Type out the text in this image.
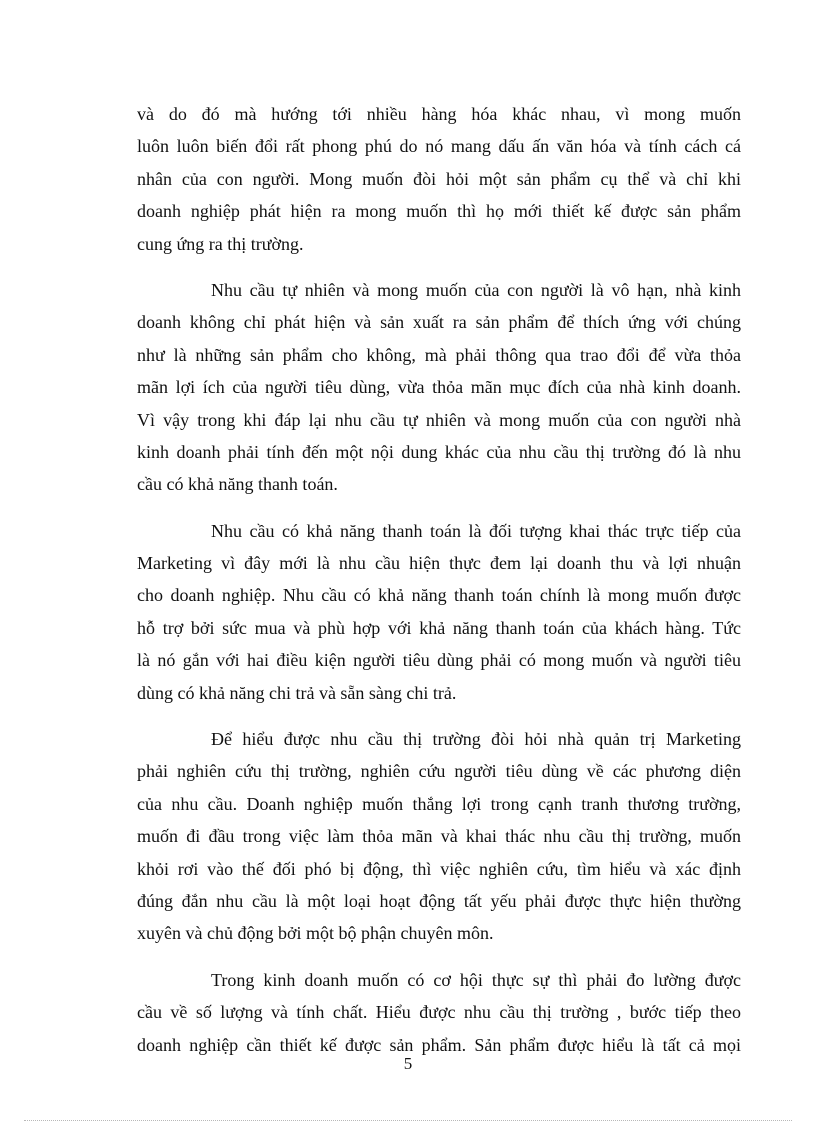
và do đó mà hướng tới nhiều hàng hóa khác nhau, vì mong muốn
luôn luôn biến đổi rất phong phú do nó mang dấu ấn văn hóa và tính cách cá
nhân của con người. Mong muốn đòi hỏi một sản phẩm cụ thể và chỉ khi
doanh nghiệp phát hiện ra mong muốn thì họ mới thiết kế được sản phẩm
cung ứng ra thị trường.

Nhu cầu tự nhiên và mong muốn của con người là vô hạn, nhà kinh
doanh không chỉ phát hiện và sản xuất ra sản phẩm để thích ứng với chúng
như là những sản phẩm cho không, mà phải thông qua trao đổi để vừa thỏa
mãn lợi ích của người tiêu dùng, vừa thỏa mãn mục đích của nhà kinh doanh.
Vì vậy trong khi đáp lại nhu cầu tự nhiên và mong muốn của con người nhà
kinh doanh phải tính đến một nội dung khác của nhu cầu thị trường đó là nhu
cầu có khả năng thanh toán.

Nhu cầu có khả năng thanh toán là đối tượng khai thác trực tiếp của
Marketing vì đây mới là nhu cầu hiện thực đem lại doanh thu và lợi nhuận
cho doanh nghiệp. Nhu cầu có khả năng thanh toán chính là mong muốn được
hỗ trợ bởi sức mua và phù hợp với khả năng thanh toán của khách hàng. Tức
là nó gắn với hai điều kiện người tiêu dùng phải có mong muốn và người tiêu
dùng có khả năng chi trả và sẵn sàng chi trả.

Để hiểu được nhu cầu thị trường đòi hỏi nhà quản trị Marketing
phải nghiên cứu thị trường, nghiên cứu người tiêu dùng về các phương diện
của nhu cầu. Doanh nghiệp muốn thắng lợi trong cạnh tranh thương trường,
muốn đi đầu trong việc làm thỏa mãn và khai thác nhu cầu thị trường, muốn
khỏi rơi vào thế đối phó bị động, thì việc nghiên cứu, tìm hiểu và xác định
đúng đắn nhu cầu là một loại hoạt động tất yếu phải được thực hiện thường
xuyên và chủ động bởi một bộ phận chuyên môn.

Trong kinh doanh muốn có cơ hội thực sự thì phải đo lường được
cầu về số lượng và tính chất. Hiểu được nhu cầu thị trường , bước tiếp theo
doanh nghiệp cần thiết kế được sản phẩm. Sản phẩm được hiểu là tất cả mọi

5
